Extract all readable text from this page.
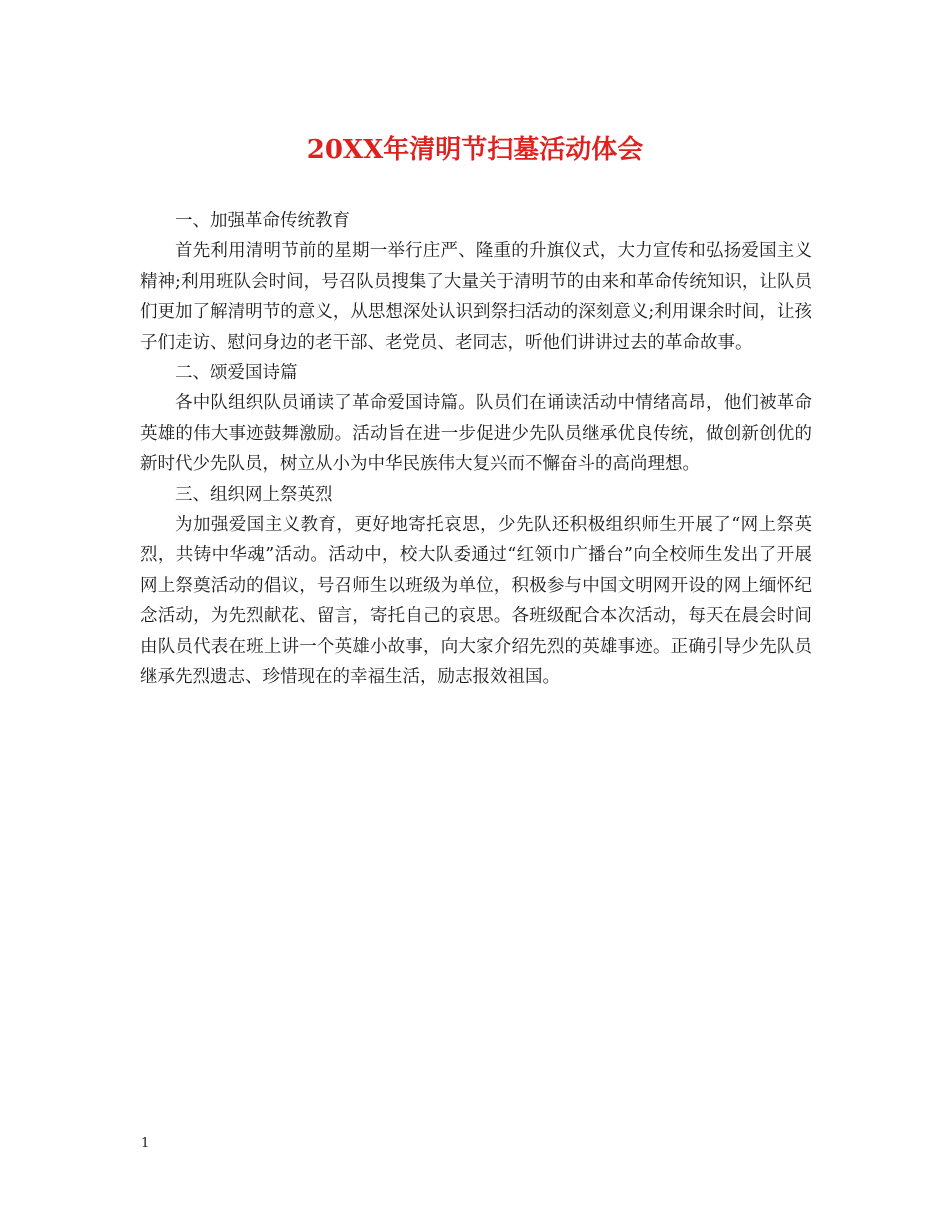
20XX年清明节扫墓活动体会

一、加强革命传统教育

首先利用清明节前的星期一举行庄严、隆重的升旗仪式，大力宣传和弘扬爱国主义精神;利用班队会时间，号召队员搜集了大量关于清明节的由来和革命传统知识，让队员们更加了解清明节的意义，从思想深处认识到祭扫活动的深刻意义;利用课余时间，让孩子们走访、慰问身边的老干部、老党员、老同志，听他们讲讲过去的革命故事。

二、颂爱国诗篇

各中队组织队员诵读了革命爱国诗篇。队员们在诵读活动中情绪高昂，他们被革命英雄的伟大事迹鼓舞激励。活动旨在进一步促进少先队员继承优良传统，做创新创优的新时代少先队员，树立从小为中华民族伟大复兴而不懈奋斗的高尚理想。

三、组织网上祭英烈

为加强爱国主义教育，更好地寄托哀思，少先队还积极组织师生开展了“网上祭英烈，共铸中华魂”活动。活动中，校大队委通过“红领巾广播台”向全校师生发出了开展网上祭奠活动的倡议，号召师生以班级为单位，积极参与中国文明网开设的网上缅怀纪念活动，为先烈献花、留言，寄托自己的哀思。各班级配合本次活动，每天在晨会时间由队员代表在班上讲一个英雄小故事，向大家介绍先烈的英雄事迹。正确引导少先队员继承先烈遗志、珍惜现在的幸福生活，励志报效祖国。

1
